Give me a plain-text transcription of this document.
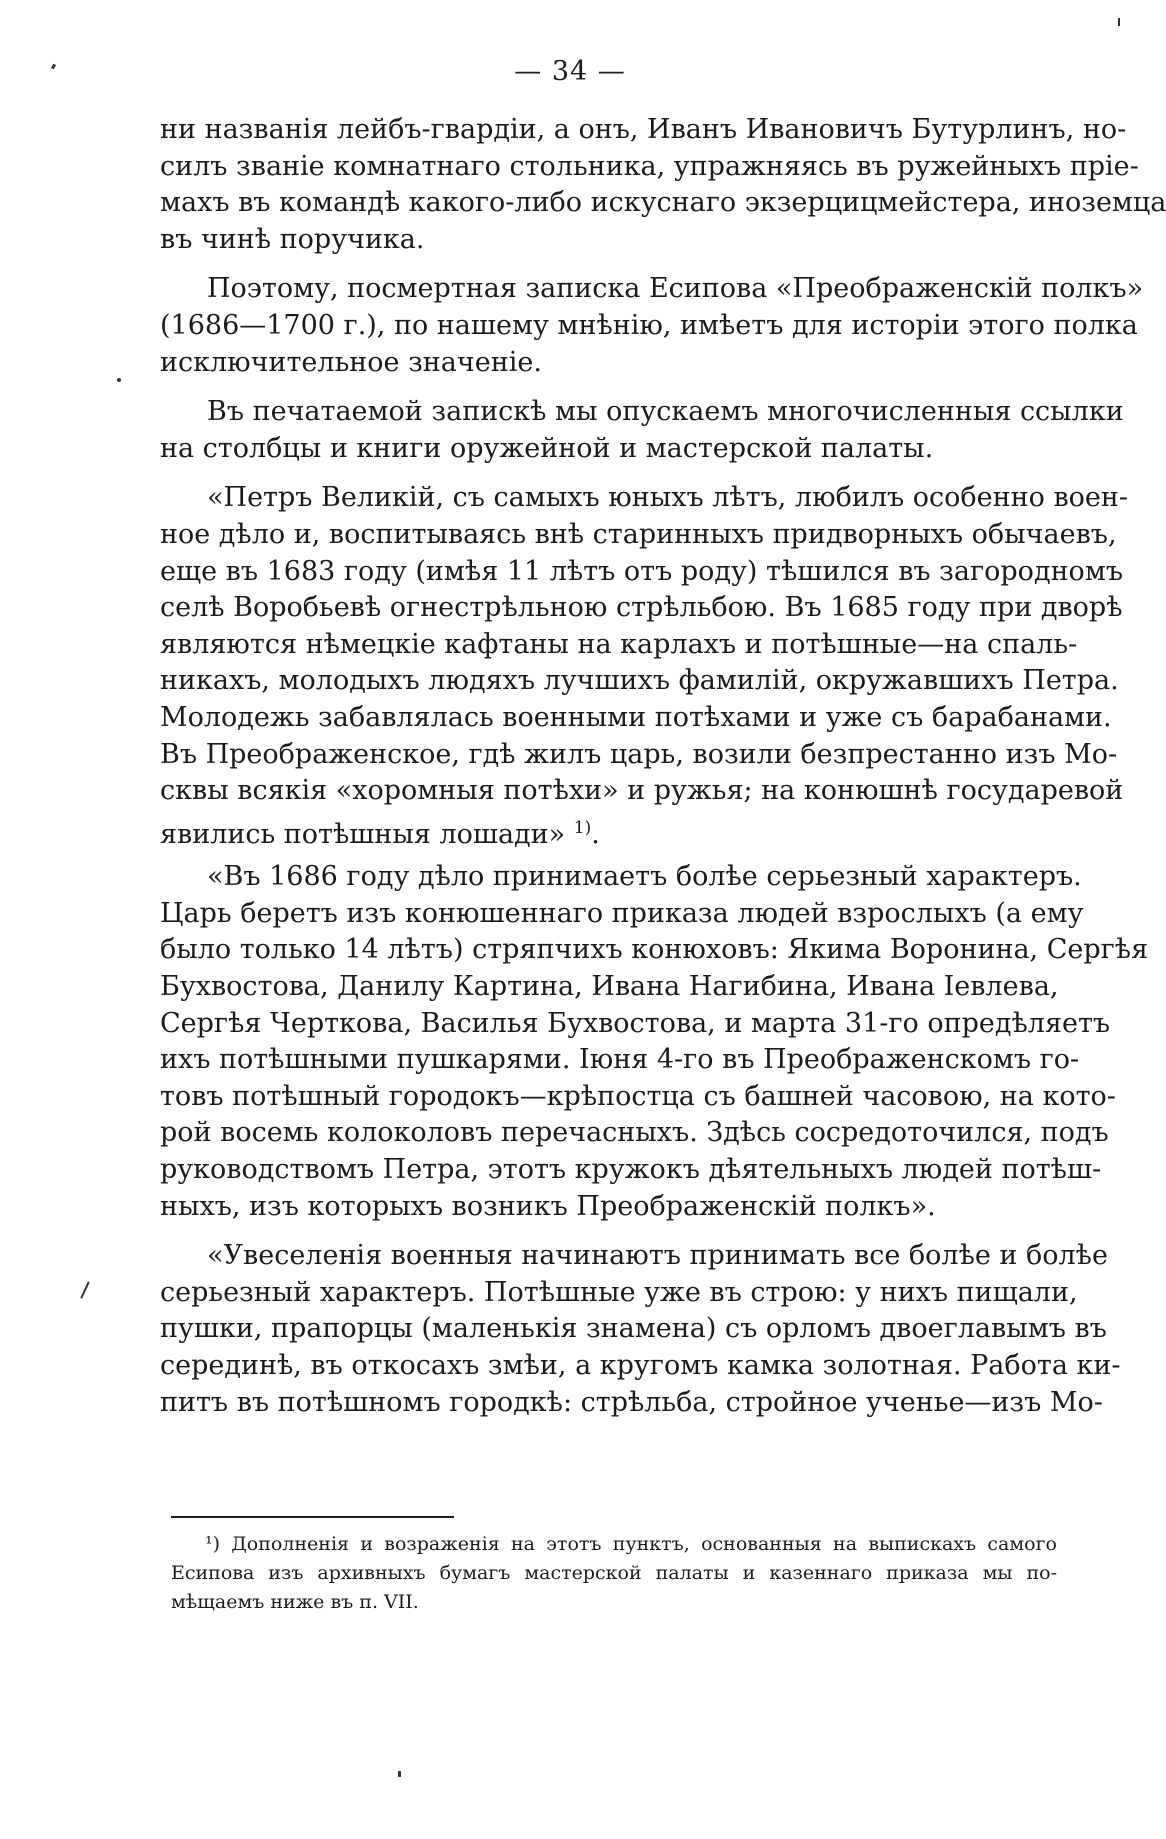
— 34 —
ни названія лейбъ-гвардіи, а онъ, Иванъ Ивановичъ Бутурлинъ, но-
силъ званіе комнатнаго стольника, упражняясь въ ружейныхъ пріе-
махъ въ командѣ какого-либо искуснаго экзерцицмейстера, иноземца
въ чинѣ поручика.
Поэтому, посмертная записка Есипова «Преображенскій полкъ»
(1686—1700 г.), по нашему мнѣнію, имѣетъ для исторіи этого полка
исключительное значеніе.
Въ печатаемой запискѣ мы опускаемъ многочисленныя ссылки
на столбцы и книги оружейной и мастерской палаты.
«Петръ Великій, съ самыхъ юныхъ лѣтъ, любилъ особенно воен-
ное дѣло и, воспитываясь внѣ старинныхъ придворныхъ обычаевъ,
еще въ 1683 году (имѣя 11 лѣтъ отъ роду) тѣшился въ загородномъ
селѣ Воробьевѣ огнестрѣльною стрѣльбою. Въ 1685 году при дворѣ
являются нѣмецкіе кафтаны на карлахъ и потѣшные—на спаль-
никахъ, молодыхъ людяхъ лучшихъ фамилій, окружавшихъ Петра.
Молодежь забавлялась военными потѣхами и уже съ барабанами.
Въ Преображенское, гдѣ жилъ царь, возили безпрестанно изъ Мо-
сквы всякія «хоромныя потѣхи» и ружья; на конюшнѣ государевой
явились потѣшныя лошади» $^{1)}$.
«Въ 1686 году дѣло принимаетъ болѣе серьезный характеръ.
Царь беретъ изъ конюшеннаго приказа людей взрослыхъ (а ему
было только 14 лѣтъ) стряпчихъ конюховъ: Якима Воронина, Сергѣя
Бухвостова, Данилу Картина, Ивана Нагибина, Ивана Іевлева,
Сергѣя Черткова, Василья Бухвостова, и марта 31-го опредѣляетъ
ихъ потѣшными пушкарями. Іюня 4-го въ Преображенскомъ го-
товъ потѣшный городокъ—крѣпостца съ башней часовою, на кото-
рой восемь колоколовъ перечасныхъ. Здѣсь сосредоточился, подъ
руководствомъ Петра, этотъ кружокъ дѣятельныхъ людей потѣш-
ныхъ, изъ которыхъ возникъ Преображенскій полкъ».
«Увеселенія военныя начинаютъ принимать все болѣе и болѣе
серьезный характеръ. Потѣшные уже въ строю: у нихъ пищали,
пушки, прапорцы (маленькія знамена) съ орломъ двоеглавымъ въ
серединѣ, въ откосахъ змѣи, а кругомъ камка золотная. Работа ки-
питъ въ потѣшномъ городкѣ: стрѣльба, стройное ученье—изъ Мо-
¹) Дополненія и возраженія на этотъ пунктъ, основанныя на выпискахъ самого
Есипова изъ архивныхъ бумагъ мастерской палаты и казеннаго приказа мы по-
мѣщаемъ ниже въ п. VII.
